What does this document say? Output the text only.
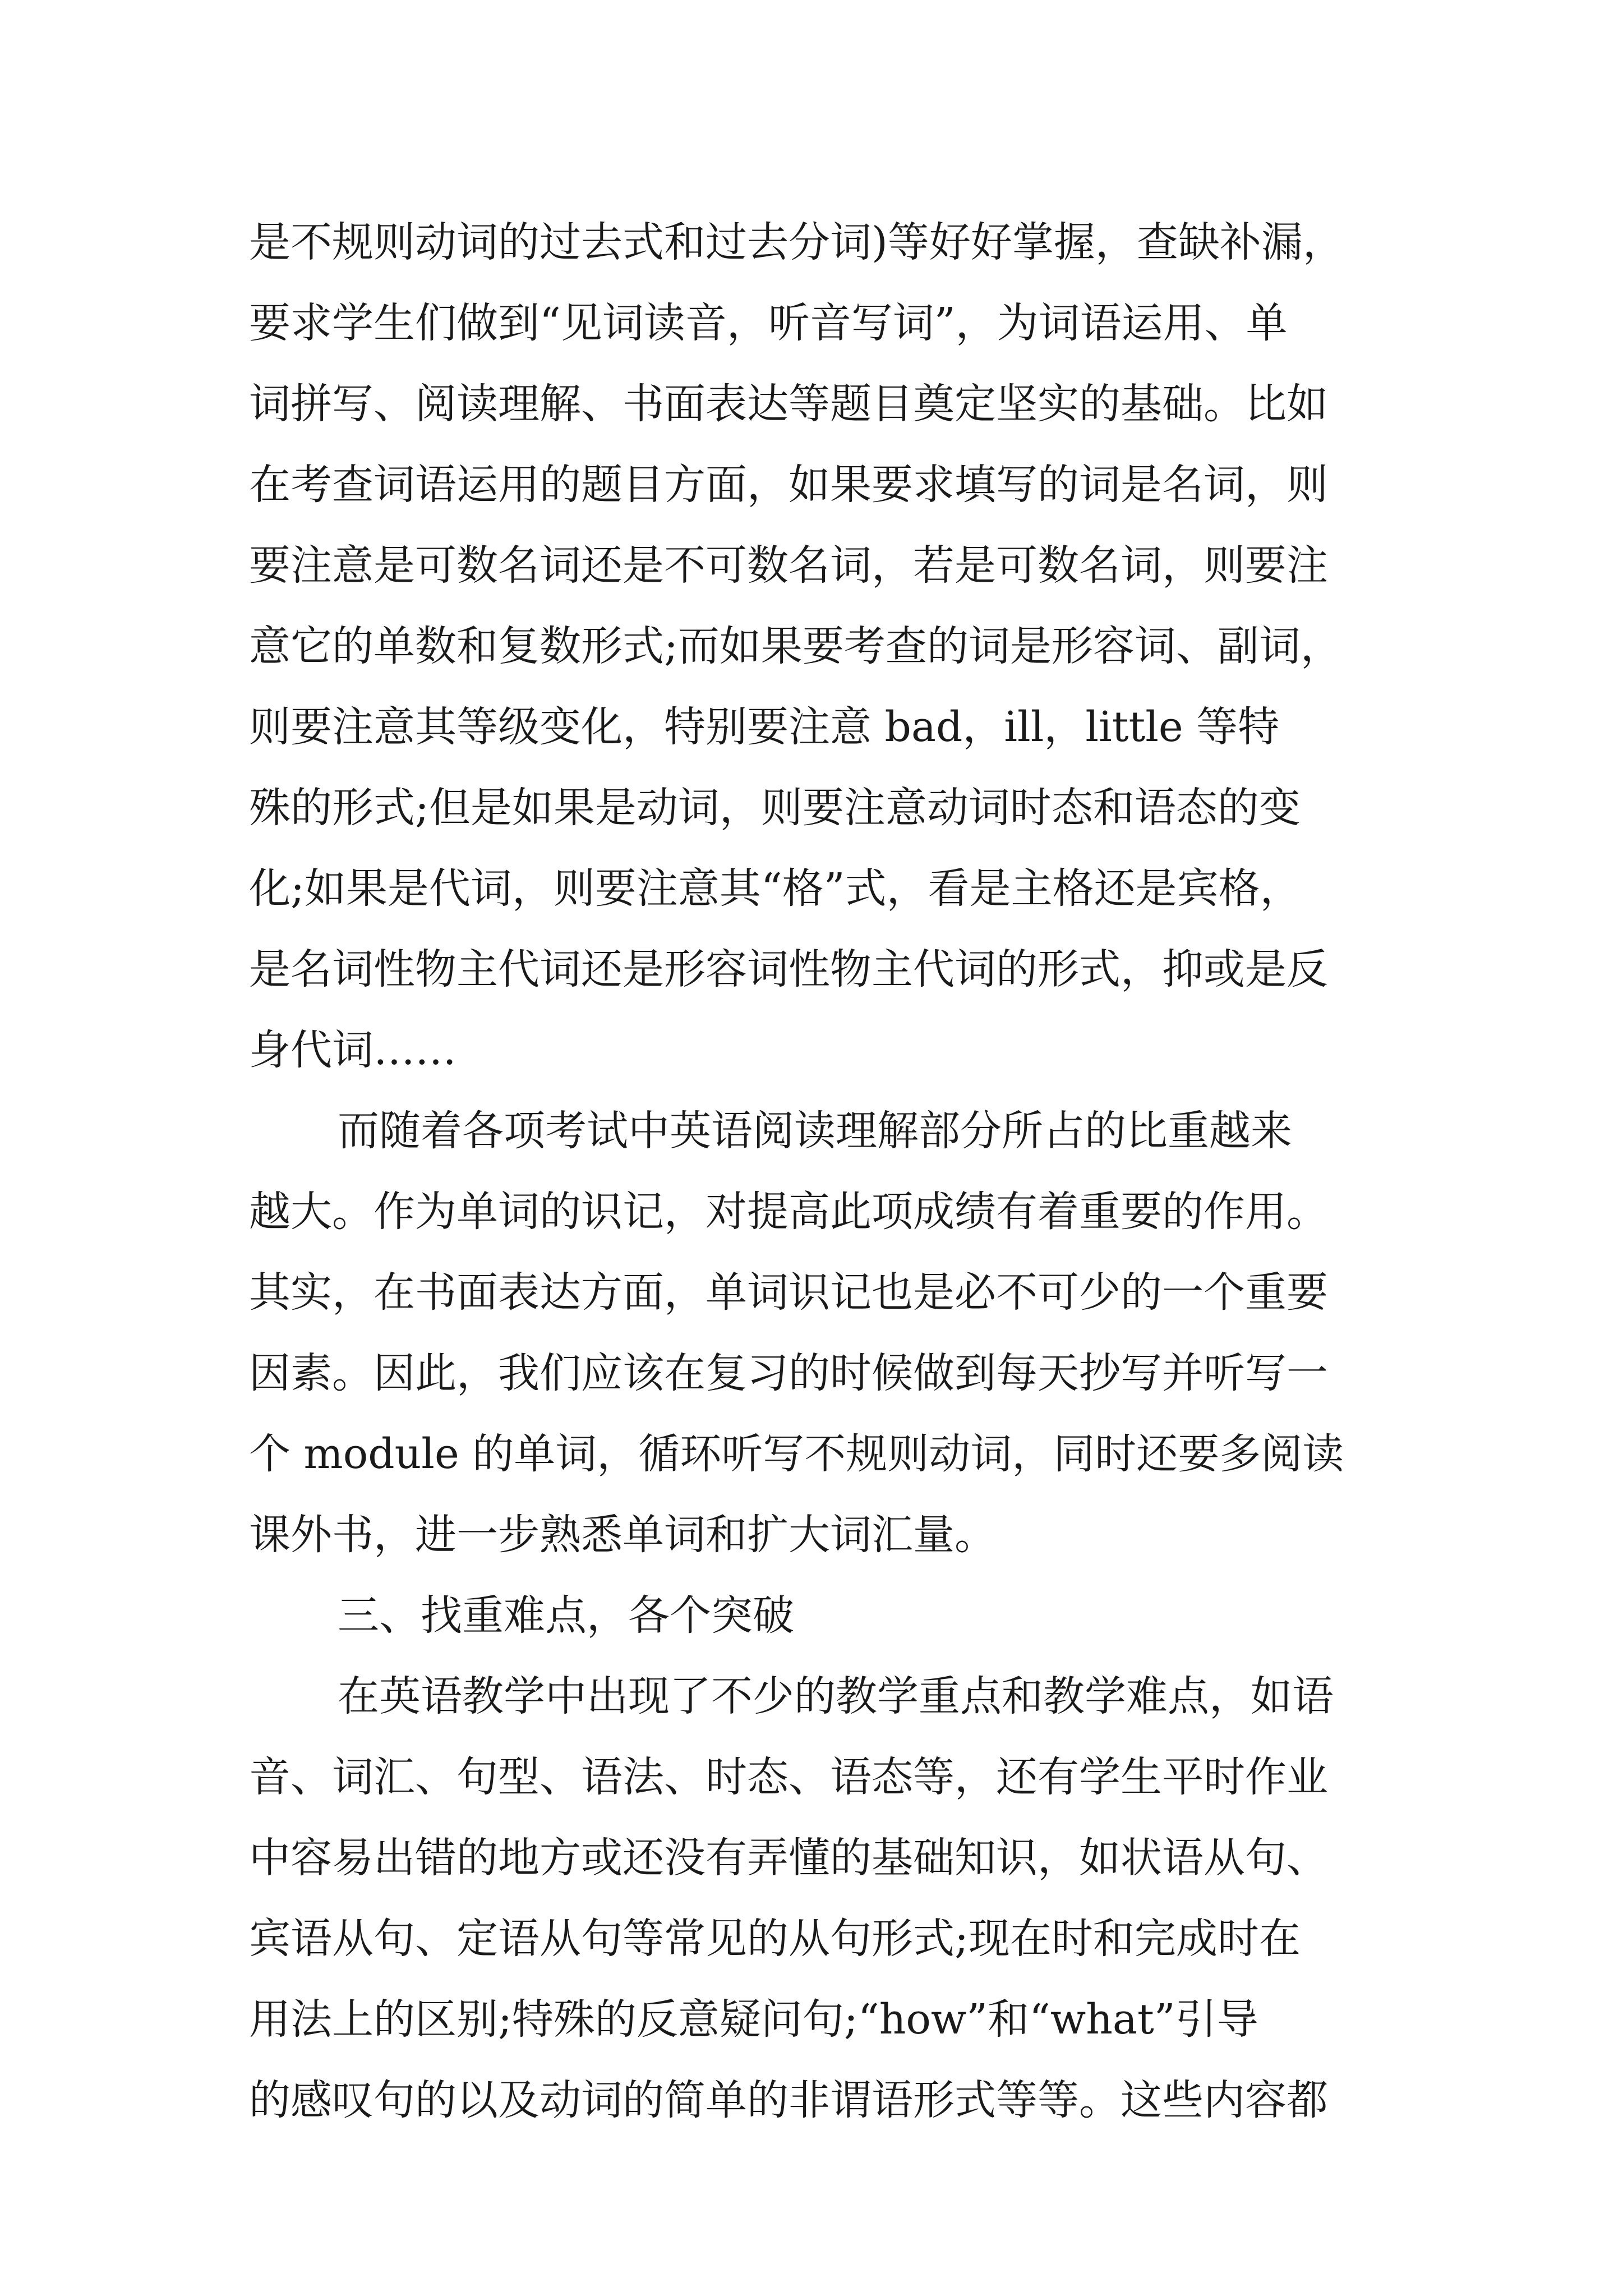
是不规则动词的过去式和过去分词)等好好掌握，查缺补漏，
要求学生们做到“见词读音，听音写词”，为词语运用、单
词拼写、阅读理解、书面表达等题目奠定坚实的基础。比如
在考查词语运用的题目方面，如果要求填写的词是名词，则
要注意是可数名词还是不可数名词，若是可数名词，则要注
意它的单数和复数形式;而如果要考查的词是形容词、副词，
则要注意其等级变化，特别要注意 bad，ill，little 等特
殊的形式;但是如果是动词，则要注意动词时态和语态的变
化;如果是代词，则要注意其“格”式，看是主格还是宾格，
是名词性物主代词还是形容词性物主代词的形式，抑或是反
身代词……
而随着各项考试中英语阅读理解部分所占的比重越来
越大。作为单词的识记，对提高此项成绩有着重要的作用。
其实，在书面表达方面，单词识记也是必不可少的一个重要
因素。因此，我们应该在复习的时候做到每天抄写并听写一
个 module 的单词，循环听写不规则动词，同时还要多阅读
课外书，进一步熟悉单词和扩大词汇量。
三、找重难点，各个突破
在英语教学中出现了不少的教学重点和教学难点，如语
音、词汇、句型、语法、时态、语态等，还有学生平时作业
中容易出错的地方或还没有弄懂的基础知识，如状语从句、
宾语从句、定语从句等常见的从句形式;现在时和完成时在
用法上的区别;特殊的反意疑问句;“how”和“what”引导
的感叹句的以及动词的简单的非谓语形式等等。这些内容都
